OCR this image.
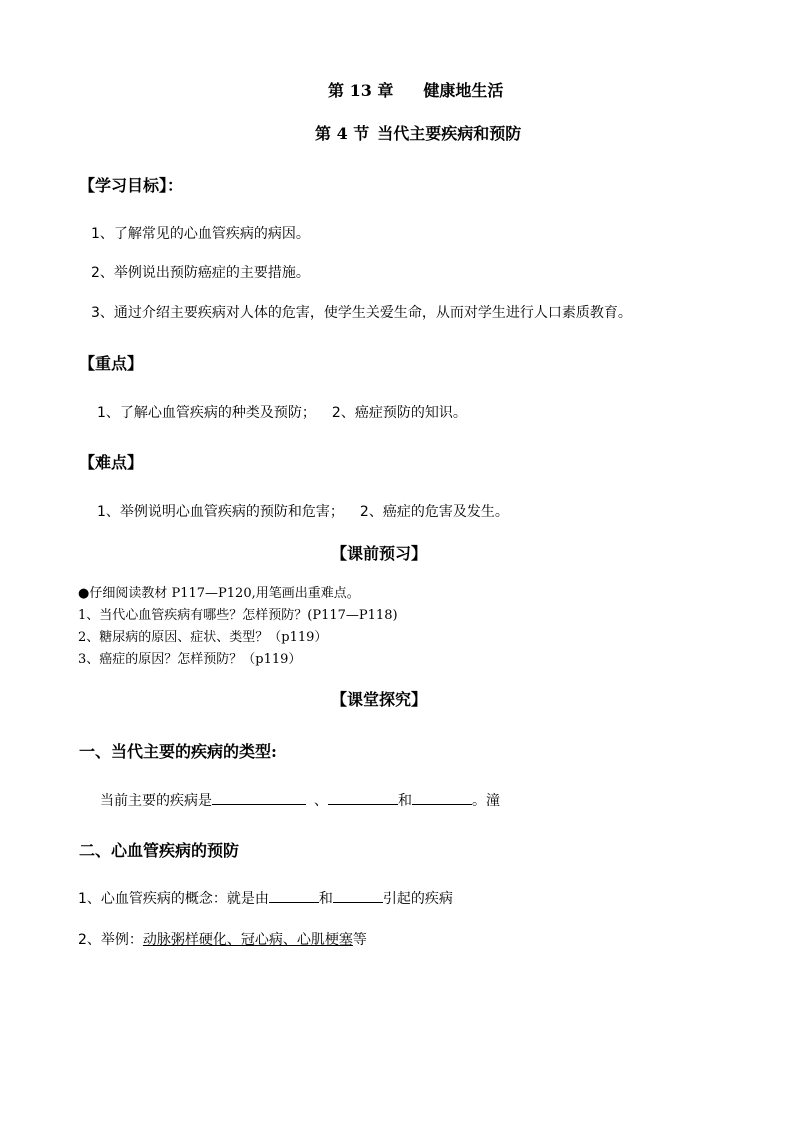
第 13 章 健康地生活
第 4 节 当代主要疾病和预防
【学习目标】：
1、了解常见的心血管疾病的病因。
2、举例说出预防癌症的主要措施。
3、通过介绍主要疾病对人体的危害，使学生关爱生命，从而对学生进行人口素质教育。
【重点】
1、了解心血管疾病的种类及预防； 2、癌症预防的知识。
【难点】
1、举例说明心血管疾病的预防和危害； 2、癌症的危害及发生。
【课前预习】
●仔细阅读教材 P117—P120,用笔画出重难点。
1、当代心血管疾病有哪些？怎样预防？(P117—P118)
2、糖尿病的原因、症状、类型？（p119）
3、癌症的原因？怎样预防？（p119）
【课堂探究】
一、当代主要的疾病的类型:
当前主要的疾病是	、	和	。潼
二、心血管疾病的预防
1、心血管疾病的概念：就是由	和	引起的疾病
2、举例：动脉粥样硬化、冠心病、心肌梗塞等
